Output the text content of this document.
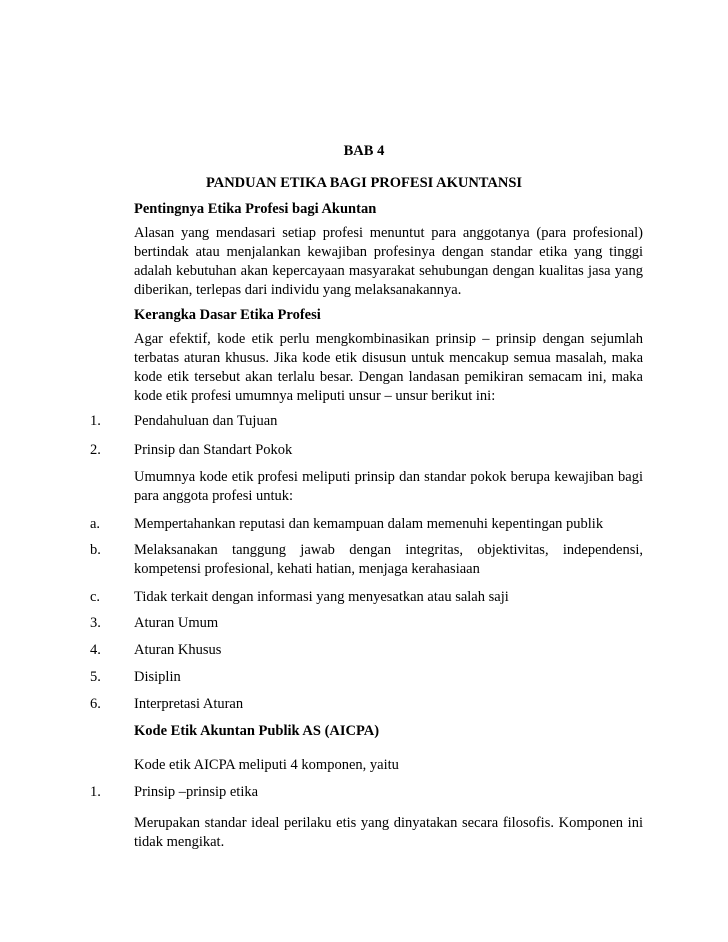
BAB 4
PANDUAN ETIKA BAGI PROFESI AKUNTANSI
Pentingnya Etika Profesi bagi Akuntan
Alasan yang mendasari setiap profesi menuntut para anggotanya (para profesional) bertindak atau menjalankan kewajiban profesinya dengan standar etika yang tinggi adalah kebutuhan akan kepercayaan masyarakat sehubungan dengan kualitas jasa yang diberikan, terlepas dari individu yang melaksanakannya.
Kerangka Dasar Etika Profesi
Agar efektif, kode etik perlu mengkombinasikan prinsip – prinsip dengan sejumlah terbatas aturan khusus. Jika kode etik disusun untuk mencakup semua masalah, maka kode etik tersebut akan terlalu besar. Dengan landasan pemikiran semacam ini, maka kode etik profesi umumnya meliputi unsur – unsur berikut ini:
1. Pendahuluan dan Tujuan
2. Prinsip dan Standart Pokok
Umumnya kode etik profesi meliputi prinsip dan standar pokok berupa kewajiban bagi para anggota profesi untuk:
a. Mempertahankan reputasi dan kemampuan dalam memenuhi kepentingan publik
b. Melaksanakan tanggung jawab dengan integritas, objektivitas, independensi, kompetensi profesional, kehati hatian, menjaga kerahasiaan
c. Tidak terkait dengan informasi yang menyesatkan atau salah saji
3. Aturan Umum
4. Aturan Khusus
5. Disiplin
6. Interpretasi Aturan
Kode Etik Akuntan Publik AS (AICPA)
Kode etik AICPA meliputi 4 komponen, yaitu
1. Prinsip –prinsip etika
Merupakan standar ideal perilaku etis yang dinyatakan secara filosofis. Komponen ini tidak mengikat.
